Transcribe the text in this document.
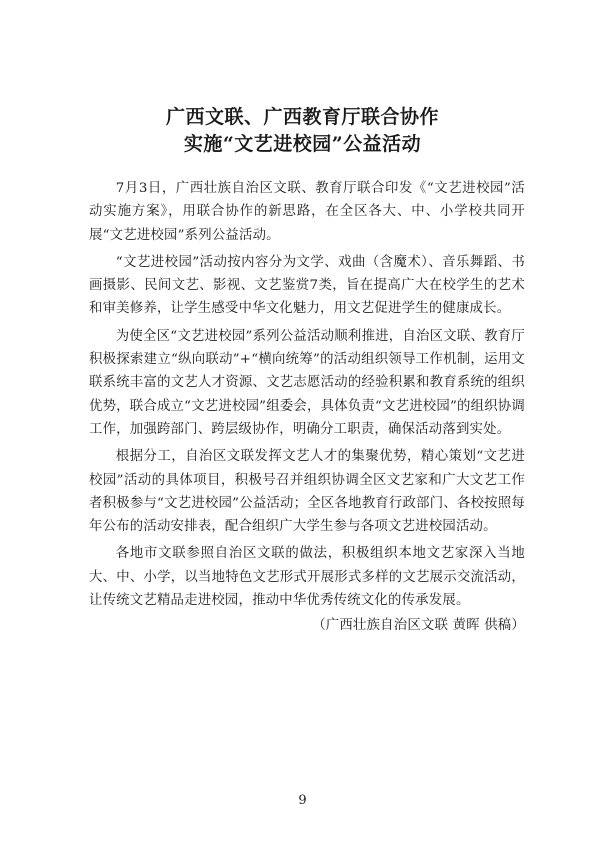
广西文联、广西教育厅联合协作
实施“文艺进校园”公益活动

7月3日，广西壮族自治区文联、教育厅联合印发《“文艺进校园”活动实施方案》，用联合协作的新思路，在全区各大、中、小学校共同开展“文艺进校园”系列公益活动。

“文艺进校园”活动按内容分为文学、戏曲（含魔术）、音乐舞蹈、书画摄影、民间文艺、影视、文艺鉴赏7类，旨在提高广大在校学生的艺术和审美修养，让学生感受中华文化魅力，用文艺促进学生的健康成长。

为使全区“文艺进校园”系列公益活动顺利推进，自治区文联、教育厅积极探索建立“纵向联动”+“横向统筹”的活动组织领导工作机制，运用文联系统丰富的文艺人才资源、文艺志愿活动的经验积累和教育系统的组织优势，联合成立“文艺进校园”组委会，具体负责“文艺进校园”的组织协调工作，加强跨部门、跨层级协作，明确分工职责，确保活动落到实处。

根据分工，自治区文联发挥文艺人才的集聚优势，精心策划“文艺进校园”活动的具体项目，积极号召并组织协调全区文艺家和广大文艺工作者积极参与“文艺进校园”公益活动；全区各地教育行政部门、各校按照每年公布的活动安排表，配合组织广大学生参与各项文艺进校园活动。

各地市文联参照自治区文联的做法，积极组织本地文艺家深入当地大、中、小学，以当地特色文艺形式开展形式多样的文艺展示交流活动，让传统文艺精品走进校园，推动中华优秀传统文化的传承发展。

（广西壮族自治区文联 黄晖 供稿）

9
